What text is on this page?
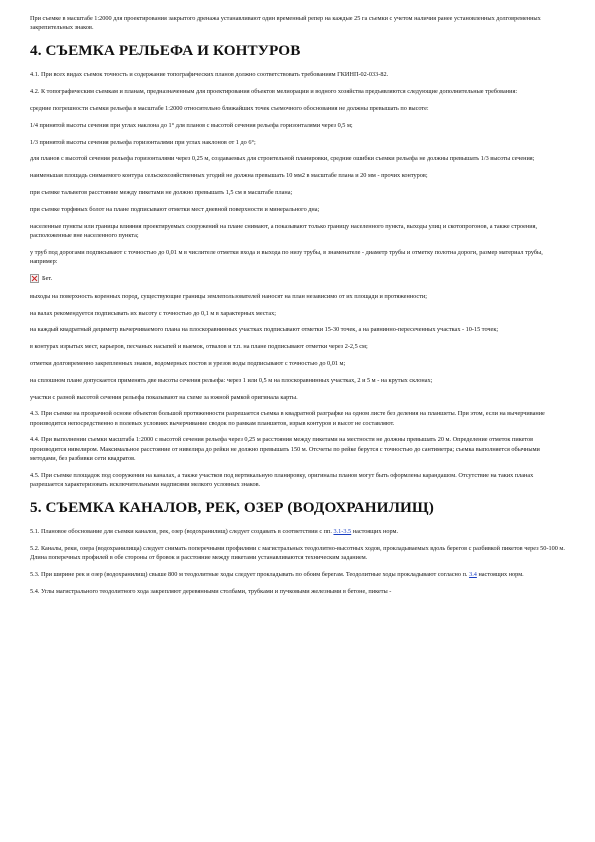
При съемке в масштабе 1:2000 для проектирования закрытого дренажа устанавливают один временный репер на каждые 25 га съемки с учетом наличия ранее установленных долговременных закрепительных знаков.

4. СЪЕМКА РЕЛЬЕФА И КОНТУРОВ

4.1. При всех видах съемок точность и содержание топографических планов должно соответствовать требованиям ГКИНП-02-033-82.

4.2. К топографическим съемкам и планам, предназначенным для проектирования объектов мелиорации и водного хозяйства предъявляются следующие дополнительные требования:

средние погрешности съемки рельефа в масштабе 1:2000 относительно ближайших точек съемочного обоснования не должны превышать по высоте:

1/4 принятой высоты сечения при углах наклона до 1° для планов с высотой сечения рельефа горизонталями через 0,5 м;

1/3 принятой высоты сечения рельефа горизонталями при углах наклонов от 1 до 6°;

для планов с высотой сечения рельефа горизонталями через 0,25 м, создаваемых для строительной планировки, средние ошибки съемки рельефа не должны превышать 1/3 высоты сечения;

наименьшая площадь снимаемого контура сельскохозяйственных угодий не должна превышать 10 мм2 в масштабе плана и 20 мм - прочих контуров;

при съемке тальвегов расстояние между пикетами не должно превышать 1,5 см в масштабе плана;

при съемке торфяных болот на плане подписывают отметки мест дневной поверхности и минерального дна;

населенные пункты или границы влияния проектируемых сооружений на плане снимают, а показывают только границу населенного пункта, выходы улиц и скотопрогонов, а также строения, расположенные вне населенного пункта;

у труб под дорогами подписывают с точностью до 0,01 м в числителе отметки входа и выхода по низу трубы, в знаменателе - диаметр трубы и отметку полотна дороги, размер материал трубы, например:

Бет.

выходы на поверхность коренных пород, существующие границы землепользователей наносят на план независимо от их площади и протяженности;

на валах рекомендуется подписывать их высоту с точностью до 0,1 м в характерных местах;

на каждый квадратный дециметр вычерчиваемого плана на плоскоравнинных участках подписывают отметки 15-30 точек, а на равнинно-пересеченных участках - 10-15 точек;

в контурах изрытых мест, карьеров, песчаных насыпей и выемок, отвалов и т.п. на плане подписывают отметки через 2-2,5 см;

отметки долговременно закрепленных знаков, водомерных постов и урезов воды подписывают с точностью до 0,01 м;

на сплошном плане допускается применять две высоты сечения рельефа: через 1 или 0,5 м на плоскоравнинных участках, 2 и 5 м - на крутых склонах;

участки с разной высотой сечения рельефа показывают на схеме за южной рамкой оригинала карты.

4.3. При съемке на прозрачной основе объектов большой протяженности разрешается съемка в квадратной разграфке на одном листе без деления на планшеты. При этом, если на вычерчивание производится непосредственно в полевых условиях вычерчивание сводок по рамкам планшетов, изрыв контуров и высот не составляют.

4.4. При выполнении съемки масштаба 1:2000 с высотой сечения рельефа через 0,25 м расстояния между пикетами на местности не должны превышать 20 м. Определение отметок пикетов производится нивелиром. Максимальное расстояние от нивелира до рейки не должно превышать 150 м. Отсчеты по рейке берутся с точностью до сантиметра; съемка выполняется обычными методами, без разбивки сети квадратов.

4.5. При съемке площадок под сооружения на каналах, а также участков под вертикальную планировку, оригиналы планов могут быть оформлены карандашом. Отсутствие на таких планах разрешается характеризовать исключительными надписями мелкого условных знаков.

5. СЪЕМКА КАНАЛОВ, РЕК, ОЗЕР (ВОДОХРАНИЛИЩ)

5.1. Плановое обоснование для съемки каналов, рек, озер (водохранилищ) следует создавать в соответствии с пп. 3.1-3.5 настоящих норм.

5.2. Каналы, реки, озера (водохранилища) следует снимать поперечными профилями с магистральных теодолитно-высотных ходов, прокладываемых вдоль берегов с разбивкой пикетов через 50-100 м. Длина поперечных профилей в обе стороны от бровок и расстояние между пикетами устанавливаются техническим заданием.

5.3. При ширине рек и озер (водохранилищ) свыше 800 м теодолитные ходы следует прокладывать по обоим берегам. Теодолитные ходы прокладывают согласно п. 3.4 настоящих норм.

5.4. Углы магистрального теодолитного хода закрепляют деревянными столбами, трубками и пучковыми железными в бетоне, пикеты -
